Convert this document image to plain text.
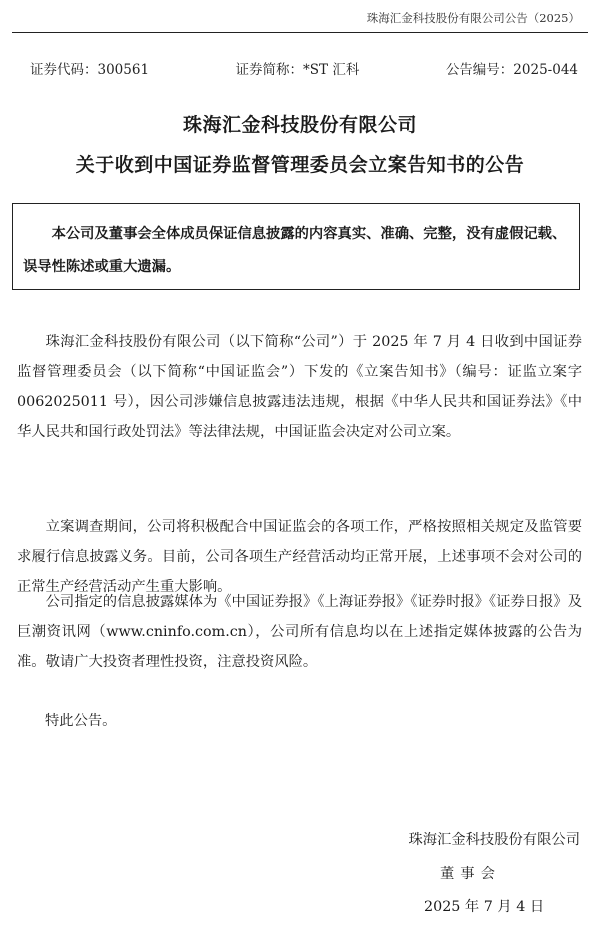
珠海汇金科技股份有限公司公告（2025）
证券代码：300561	证券简称：*ST 汇科	公告编号：2025-044
珠海汇金科技股份有限公司
关于收到中国证券监督管理委员会立案告知书的公告

本公司及董事会全体成员保证信息披露的内容真实、准确、完整，没有虚假记载、误导性陈述或重大遗漏。

珠海汇金科技股份有限公司（以下简称“公司”）于 2025 年 7 月 4 日收到中国证券监督管理委员会（以下简称“中国证监会”）下发的《立案告知书》（编号：证监立案字 0062025011 号），因公司涉嫌信息披露违法违规，根据《中华人民共和国证券法》《中华人民共和国行政处罚法》等法律法规，中国证监会决定对公司立案。

立案调查期间，公司将积极配合中国证监会的各项工作，严格按照相关规定及监管要求履行信息披露义务。目前，公司各项生产经营活动均正常开展，上述事项不会对公司的正常生产经营活动产生重大影响。

公司指定的信息披露媒体为《中国证券报》《上海证券报》《证券时报》《证券日报》及巨潮资讯网（www.cninfo.com.cn），公司所有信息均以在上述指定媒体披露的公告为准。敬请广大投资者理性投资，注意投资风险。

特此公告。
珠海汇金科技股份有限公司
董事会
2025 年 7 月 4 日
